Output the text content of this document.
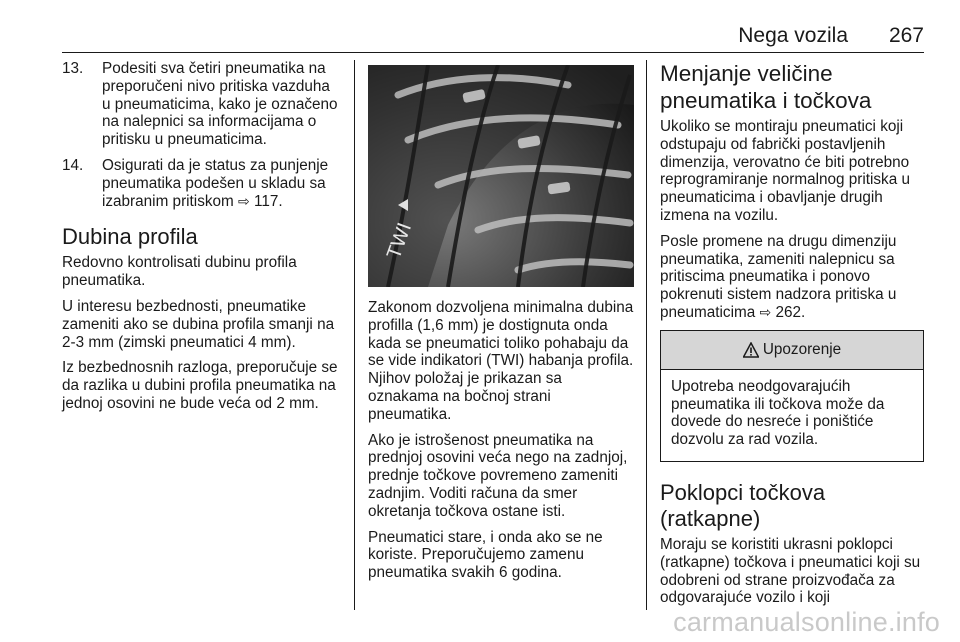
Nega vozila 267
13. Podesiti sva četiri pneumatika na preporučeni nivo pritiska vazduha u pneumaticima, kako je označeno na nalepnici sa informacijama o pritisku u pneumaticima.
14. Osigurati da je status za punjenje pneumatika podešen u skladu sa izabranim pritiskom ⇨ 117.
Dubina profila

Redovno kontrolisati dubinu profila pneumatika.

U interesu bezbednosti, pneumatike zameniti ako se dubina profila smanji na 2-3 mm (zimski pneumatici 4 mm).

Iz bezbednosnih razloga, preporučuje se da razlika u dubini profila pneumatika na jednoj osovini ne bude veća od 2 mm.

TWI

Zakonom dozvoljena minimalna dubina profilla (1,6 mm) je dostignuta onda kada se pneumatici toliko pohabaju da se vide indikatori (TWI) habanja profila. Njihov položaj je prikazan sa oznakama na bočnoj strani pneumatika.

Ako je istrošenost pneumatika na prednjoj osovini veća nego na zadnjoj, prednje točkove povremeno zameniti zadnjim. Voditi računa da smer okretanja točkova ostane isti.

Pneumatici stare, i onda ako se ne koriste. Preporučujemo zamenu pneumatika svakih 6 godina.

Menjanje veličine pneumatika i točkova

Ukoliko se montiraju pneumatici koji odstupaju od fabrički postavljenih dimenzija, verovatno će biti potrebno reprogramiranje normalnog pritiska u pneumaticima i obavljanje drugih izmena na vozilu.

Posle promene na drugu dimenziju pneumatika, zameniti nalepnicu sa pritiscima pneumatika i ponovo pokrenuti sistem nadzora pritiska u pneumaticima ⇨ 262.

Upozorenje

Upotreba neodgovarajućih pneumatika ili točkova može da dovede do nesreće i poništiće dozvolu za rad vozila.

Poklopci točkova (ratkapne)

Moraju se koristiti ukrasni poklopci (ratkapne) točkova i pneumatici koji su odobreni od strane proizvođača za odgovarajuće vozilo i koji

carmanualsonline.info
